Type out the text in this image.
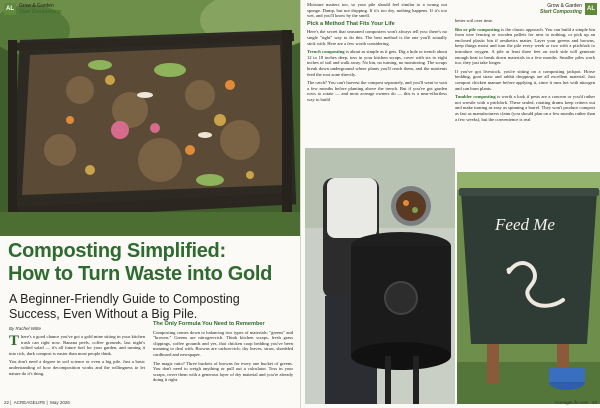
AL	Grow & Garden
Start Composting
Composting Simplified:
How to Turn Waste into Gold
A Beginner-Friendly Guide to Composting Success, Even Without a Big Pile.
By Rachel Witte

There's a good chance you've got a gold mine sitting in your kitchen trash can right now. Banana peels, coffee grounds, last night's wilted salad — it's all future fuel for your garden, and turning it into rich, dark compost is easier than most people think.

You don't need a degree in soil science or even a big pile. Just a basic understanding of how decomposition works and the willingness to let nature do it's thing.

The Only Formula You Need to Remember

Composting comes down to balancing two types of materials: "greens" and "browns." Greens are nitrogen-rich. Think kitchen scraps, fresh grass clippings, coffee grounds and yes, that chicken coop bedding you've been meaning to deal with. Browns are carbon-rich: dry leaves, straw, shredded cardboard and newspaper.

The magic ratio? Three buckets of browns for every one bucket of greens. You don't need to weigh anything or pull out a calculator. Toss in your scraps, cover them with a generous layer of dry material and you're already doing it right.

22 |  ACREAGELIFE |  May 2026
AL
Grow & Garden
Start Composting

Moisture matters too, so your pile should feel similar to a wrung out sponge. Damp, but not dripping. If it's too dry, nothing happens. If it's too wet, and you'll know by the smell.

Pick a Method That Fits Your Life

Here's the secret that seasoned composters won't always tell you: there's no single "right" way to do this. The best method is the one you'll actually stick with. Here are a few worth considering.

Trench composting is about as simple as it gets. Dig a hole or trench about 12 to 18 inches deep, toss in your kitchen scraps, cover with six to eight inches of soil and walk away. No bin, no turning, no monitoring. The scraps break down underground where plants you'll reach them, and the nutrients feed the root zone directly.

The catch? You can't harvest the compost separately, and you'll want to wait a few months before planting above the trench. But if you've got garden rows to rotate — and most acreage owners do — this is a near-effortless way to build

better soil over time.

Bin or pile composting is the classic approach. You can build a simple bin from wire fencing or wooden pallets for next to nothing, or pick up an enclosed plastic bin if aesthetics matter. Layer your greens and browns, keep things moist and turn the pile every week or two with a pitchfork to introduce oxygen. A pile at least three feet on each side will generate enough heat to break down materials in a few months. Smaller piles work too, they just take longer.

If you've got livestock, you're sitting on a composting jackpot. Horse bedding, goat straw and rabbit droppings are all excellent material. Just compost chicken manure before applying it, since it runs hot with nitrogen and can burn plants.

Tumbler composting is worth a look if pests are a concern or you'd rather not wrestle with a pitchfork. These sealed, rotating drums keep critters out and make turning as easy as spinning a barrel. They won't produce compost as fast as manufacturers claim (you should plan on a few months rather than a few weeks), but the convenience is real

Feed Me
AcreageLife.com 23
